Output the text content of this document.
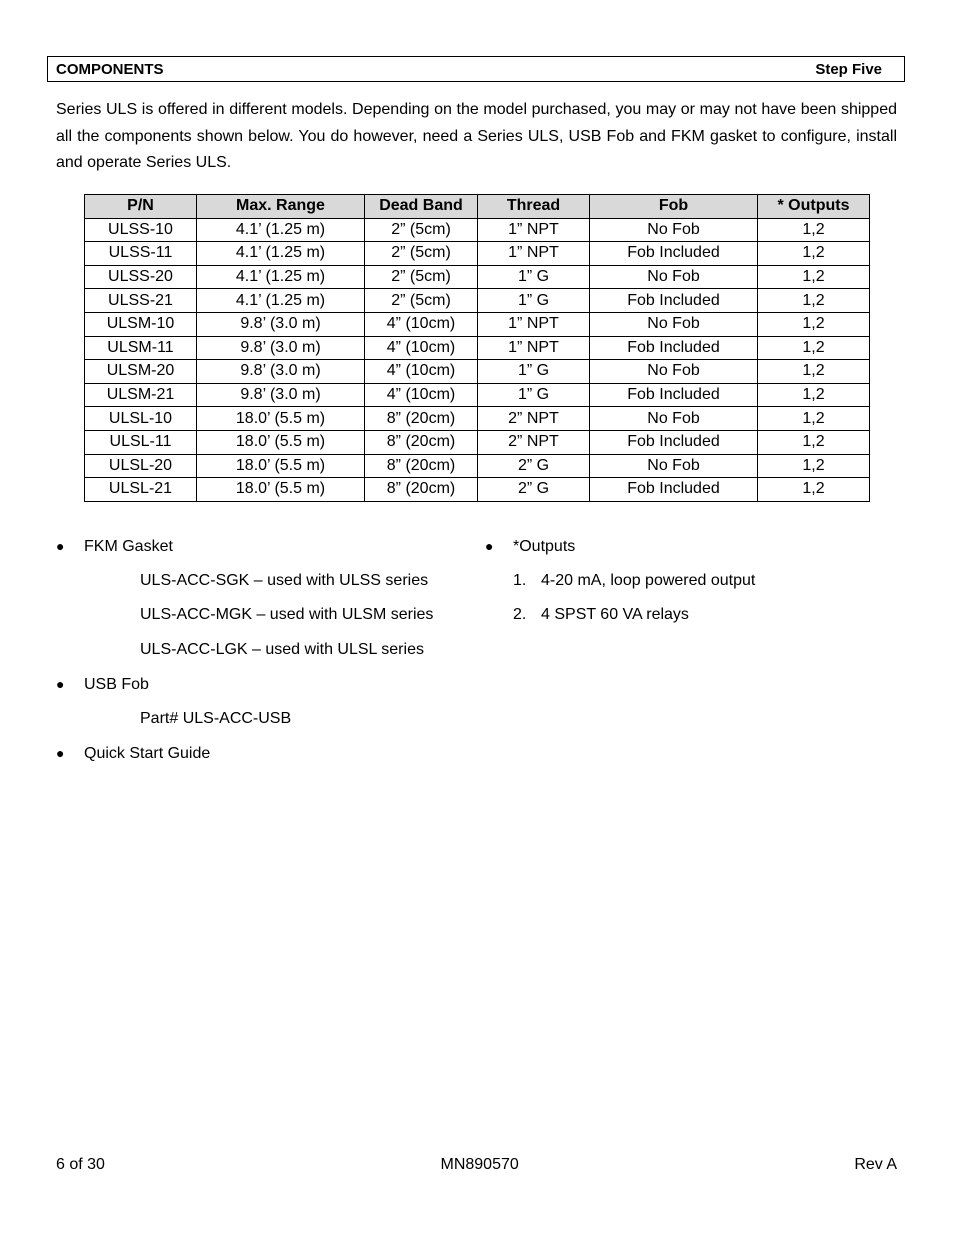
COMPONENTS	Step Five
Series ULS is offered in different models. Depending on the model purchased, you may or may not have been shipped all the components shown below. You do however, need a Series ULS, USB Fob and FKM gasket to configure, install and operate Series ULS.
P/N	Max. Range	Dead Band	Thread	Fob	* Outputs
ULSS-10	4.1’ (1.25 m)	2” (5cm)	1” NPT	No Fob	1,2
ULSS-11	4.1’ (1.25 m)	2” (5cm)	1” NPT	Fob Included	1,2
ULSS-20	4.1’ (1.25 m)	2” (5cm)	1” G	No Fob	1,2
ULSS-21	4.1’ (1.25 m)	2” (5cm)	1” G	Fob Included	1,2
ULSM-10	9.8’ (3.0 m)	4” (10cm)	1” NPT	No Fob	1,2
ULSM-11	9.8’ (3.0 m)	4” (10cm)	1” NPT	Fob Included	1,2
ULSM-20	9.8’ (3.0 m)	4” (10cm)	1” G	No Fob	1,2
ULSM-21	9.8’ (3.0 m)	4” (10cm)	1” G	Fob Included	1,2
ULSL-10	18.0’ (5.5 m)	8” (20cm)	2” NPT	No Fob	1,2
ULSL-11	18.0’ (5.5 m)	8” (20cm)	2” NPT	Fob Included	1,2
ULSL-20	18.0’ (5.5 m)	8” (20cm)	2” G	No Fob	1,2
ULSL-21	18.0’ (5.5 m)	8” (20cm)	2” G	Fob Included	1,2
● FKM Gasket
ULS-ACC-SGK – used with ULSS series
ULS-ACC-MGK – used with ULSM series
ULS-ACC-LGK – used with ULSL series
● USB Fob
Part# ULS-ACC-USB
● Quick Start Guide
● *Outputs
1. 4-20 mA, loop powered output
2. 4 SPST 60 VA relays
6 of 30	MN890570	Rev A
